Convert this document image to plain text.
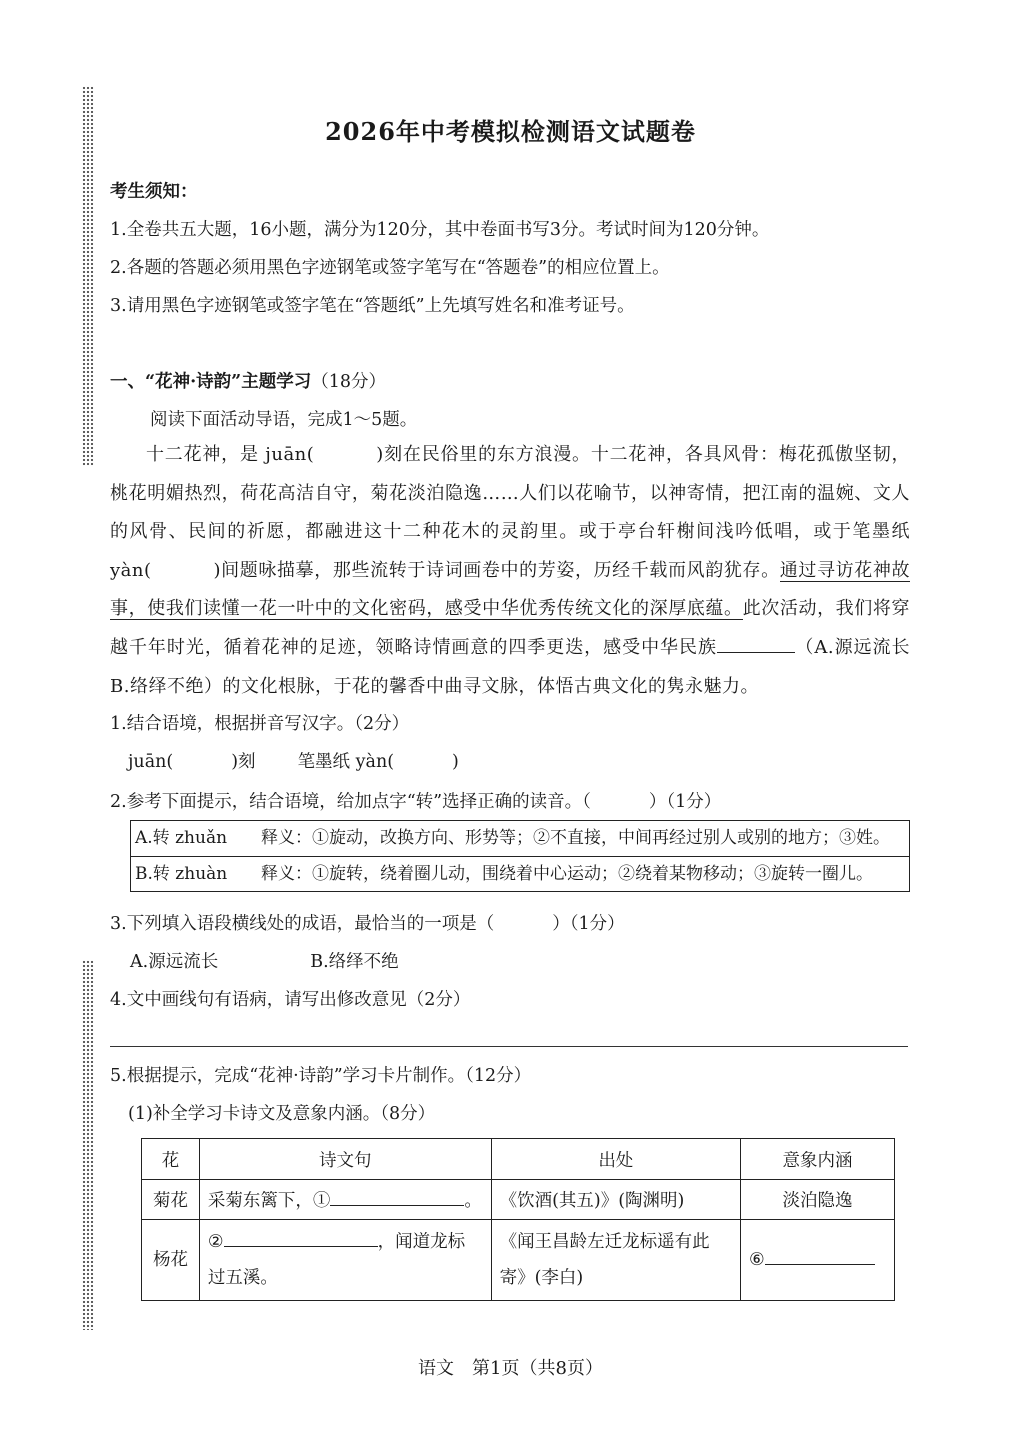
2026年中考模拟检测语文试题卷
考生须知：
1.全卷共五大题，16小题，满分为120分，其中卷面书写3分。考试时间为120分钟。
2.各题的答题必须用黑色字迹钢笔或签字笔写在“答题卷”的相应位置上。
3.请用黑色字迹钢笔或签字笔在“答题纸”上先填写姓名和准考证号。
一、“花神·诗韵”主题学习（18分）
阅读下面活动导语，完成1～5题。
十二花神，是 juān(	)刻在民俗里的东方浪漫。十二花神，各具风骨：梅花孤傲坚韧，桃花明媚热烈，荷花高洁自守，菊花淡泊隐逸……人们以花喻节，以神寄情，把江南的温婉、文人的风骨、民间的祈愿，都融进这十二种花木的灵韵里。或于亭台轩榭间浅吟低唱，或于笔墨纸 yàn(	)间题咏描摹，那些流转于诗词画卷中的芳姿，历经千载而风韵犹存。通过寻访花神故事，使我们读懂一花一叶中的文化密码，感受中华优秀传统文化的深厚底蕴。此次活动，我们将穿越千年时光，循着花神的足迹，领略诗情画意的四季更迭，感受中华民族	（A.源远流长 B.络绎不绝）的文化根脉，于花的馨香中曲寻文脉，体悟古典文化的隽永魅力。
1.结合语境，根据拼音写汉字。（2分）
juān(	)刻 笔墨纸 yàn(	)
2.参考下面提示，结合语境，给加点字“转”选择正确的读音。（	）（1分）
A.转 zhuǎn 释义：①旋动，改换方向、形势等；②不直接，中间再经过别人或别的地方；③姓。
B.转 zhuàn 释义：①旋转，绕着圈儿动，围绕着中心运动；②绕着某物移动；③旋转一圈儿。
3.下列填入语段横线处的成语，最恰当的一项是（	）（1分）
A.源远流长	B.络绎不绝
4.文中画线句有语病，请写出修改意见（2分）
5.根据提示，完成“花神·诗韵”学习卡片制作。（12分）
(1)补全学习卡诗文及意象内涵。（8分）
花	诗文句	出处	意象内涵
菊花	采菊东篱下，① 。	《饮酒(其五)》(陶渊明)	淡泊隐逸
杨花	② ，闻道龙标过五溪。	《闻王昌龄左迁龙标遥有此寄》(李白)	⑥
语文　第1页（共8页）
